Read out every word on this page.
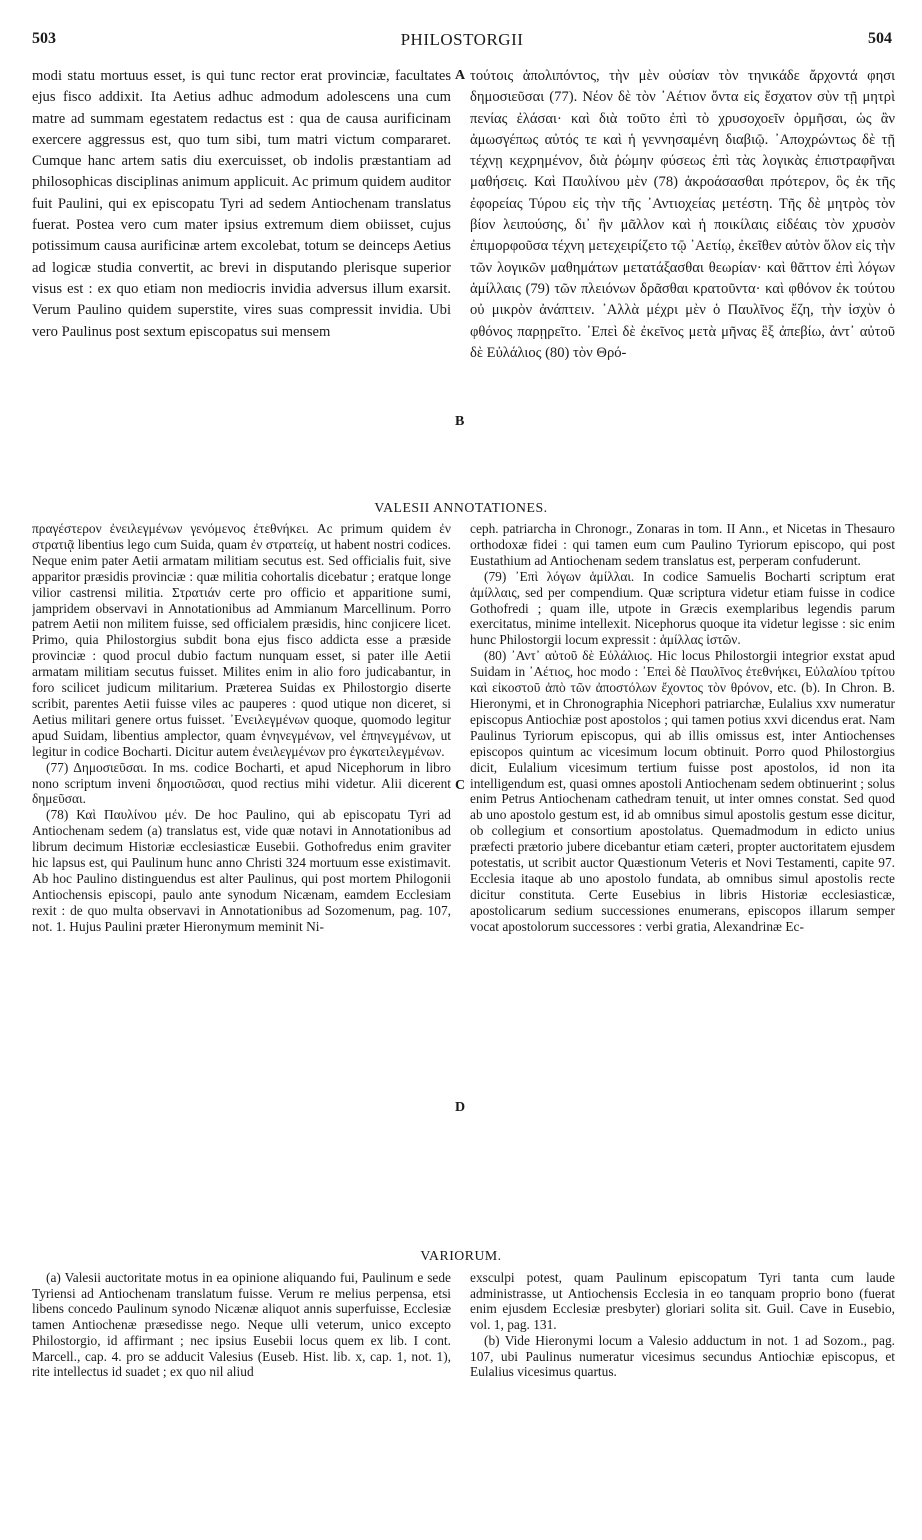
503	PHILOSTORGII	504

modi statu mortuus esset, is qui tunc rector erat provinciæ, facultates ejus fisco addixit. Ita Aetius adhuc admodum adolescens una cum matre ad summam egestatem redactus est : qua de causa aurificinam exercere aggressus est, quo tum sibi, tum matri victum compararet. Cumque hanc artem satis diu exercuisset, ob indolis præstantiam ad philosophicas disciplinas animum applicuit. Ac primum quidem auditor fuit Paulini, qui ex episcopatu Tyri ad sedem Antiochenam translatus fuerat. Postea vero cum mater ipsius extremum diem obiisset, cujus potissimum causa aurificinæ artem excolebat, totum se deinceps Aetius ad logicæ studia convertit, ac brevi in disputando plerisque superior visus est : ex quo etiam non mediocris invidia adversus illum exarsit. Verum Paulino quidem superstite, vires suas compressit invidia. Ubi vero Paulinus post sextum episcopatus sui mensem

A
B

τούτοις ἀπολιπόντος, τὴν μὲν οὐσίαν τὸν τηνικάδε ἄρχοντά φησι δημοσιεῦσαι (77). Νέον δὲ τὸν ᾿Αέτιον ὄντα εἰς ἔσχατον σὺν τῇ μητρὶ πενίας ἐλάσαι· καὶ διὰ τοῦτο ἐπὶ τὸ χρυσοχοεῖν ὁρμῆσαι, ὡς ἂν ἀμωσγέπως αὐτός τε καὶ ἡ γεννησαμένη διαβιῷ. ᾿Αποχρώντως δὲ τῇ τέχνῃ κεχρημένον, διὰ ῥώμην φύσεως ἐπὶ τὰς λογικὰς ἐπιστραφῆναι μαθήσεις. Καὶ Παυλίνου μὲν (78) ἀκροάσασθαι πρότερον, ὃς ἐκ τῆς ἐφορείας Τύρου εἰς τὴν τῆς ᾿Αντιοχείας μετέστη. Τῆς δὲ μητρὸς τὸν βίον λειπούσης, δι᾿ ἣν μᾶλλον καὶ ἡ ποικίλαις εἰδέαις τὸν χρυσὸν ἐπιμορφοῦσα τέχνη μετεχειρίζετο τῷ ᾿Αετίῳ, ἐκεῖθεν αὐτὸν ὅλον εἰς τὴν τῶν λογικῶν μαθημάτων μετατάξασθαι θεωρίαν· καὶ θᾶττον ἐπὶ λόγων ἁμίλλαις (79) τῶν πλειόνων δρᾶσθαι κρατοῦντα· καὶ φθόνον ἐκ τούτου οὐ μικρὸν ἀνάπτειν. ᾿Αλλὰ μέχρι μὲν ὁ Παυλῖνος ἔζη, τὴν ἰσχὺν ὁ φθόνος παρῃρεῖτο. ᾿Επεὶ δὲ ἐκεῖνος μετὰ μῆνας ἓξ ἀπεβίω, ἀντ᾿ αὐτοῦ δὲ Εὐλάλιος (80) τὸν Θρό-

VALESII ANNOTATIONES.

πραγέστερον ἐνειλεγμένων γενόμενος ἐτεθνήκει. Ac primum quidem ἐν στρατιᾷ libentius lego cum Suida, quam ἐν στρατείᾳ, ut habent nostri codices. Neque enim pater Aetii armatam militiam secutus est. Sed officialis fuit, sive apparitor præsidis provinciæ : quæ militia cohortalis dicebatur ; eratque longe vilior castrensi militia. Στρατιάν certe pro officio et apparitione sumi, jampridem observavi in Annotationibus ad Ammianum Marcellinum. Porro patrem Aetii non militem fuisse, sed officialem præsidis, hinc conjicere licet. Primo, quia Philostorgius subdit bona ejus fisco addicta esse a præside provinciæ : quod procul dubio factum nunquam esset, si pater ille Aetii armatam militiam secutus fuisset. Milites enim in alio foro judicabantur, in foro scilicet judicum militarium. Præterea Suidas ex Philostorgio diserte scribit, parentes Aetii fuisse viles ac pauperes : quod utique non diceret, si Aetius militari genere ortus fuisset. ᾿Ενειλεγμένων quoque, quomodo legitur apud Suidam, libentius amplector, quam ἐνηνεγμένων, vel ἐπηνεγμένων, ut legitur in codice Bocharti. Dicitur autem ἐνειλεγμένων pro ἐγκατειλεγμένων.

(77) Δημοσιεῦσαι. In ms. codice Bocharti, et apud Nicephorum in libro nono scriptum inveni δημοσιῶσαι, quod rectius mihi videtur. Alii dicerent δημεῦσαι.

(78) Καὶ Παυλίνου μέν. De hoc Paulino, qui ab episcopatu Tyri ad Antiochenam sedem (a) translatus est, vide quæ notavi in Annotationibus ad librum decimum Historiæ ecclesiasticæ Eusebii. Gothofredus enim graviter hic lapsus est, qui Paulinum hunc anno Christi 324 mortuum esse existimavit. Ab hoc Paulino distinguendus est alter Paulinus, qui post mortem Philogonii Antiochensis episcopi, paulo ante synodum Nicænam, eamdem Ecclesiam rexit : de quo multa observavi in Annotationibus ad Sozomenum, pag. 107, not. 1. Hujus Paulini præter Hieronymum meminit Ni-

C
D

ceph. patriarcha in Chronogr., Zonaras in tom. II Ann., et Nicetas in Thesauro orthodoxæ fidei : qui tamen eum cum Paulino Tyriorum episcopo, qui post Eustathium ad Antiochenam sedem translatus est, perperam confuderunt.

(79) ᾿Επὶ λόγων ἁμίλλαι. In codice Samuelis Bocharti scriptum erat ἁμίλλαις, sed per compendium. Quæ scriptura videtur etiam fuisse in codice Gothofredi ; quam ille, utpote in Græcis exemplaribus legendis parum exercitatus, minime intellexit. Nicephorus quoque ita videtur legisse : sic enim hunc Philostorgii locum expressit : ἁμίλλας ἰστῶν.

(80) ᾿Αντ᾿ αὐτοῦ δὲ Εὐλάλιος. Hic locus Philostorgii integrior exstat apud Suidam in ᾿Αέτιος, hoc modo : ᾿Επεὶ δὲ Παυλῖνος ἐτεθνήκει, Εὐλαλίου τρίτου καὶ εἰκοστοῦ ἀπὸ τῶν ἀποστόλων ἔχοντος τὸν θρόνον, etc. (b). In Chron. B. Hieronymi, et in Chronographia Nicephori patriarchæ, Eulalius xxv numeratur episcopus Antiochiæ post apostolos ; qui tamen potius xxvi dicendus erat. Nam Paulinus Tyriorum episcopus, qui ab illis omissus est, inter Antiochenses episcopos quintum ac vicesimum locum obtinuit. Porro quod Philostorgius dicit, Eulalium vicesimum tertium fuisse post apostolos, id non ita intelligendum est, quasi omnes apostoli Antiochenam sedem obtinuerint ; solus enim Petrus Antiochenam cathedram tenuit, ut inter omnes constat. Sed quod ab uno apostolo gestum est, id ab omnibus simul apostolis gestum esse dicitur, ob collegium et consortium apostolatus. Quemadmodum in edicto unius præfecti prætorio jubere dicebantur etiam cæteri, propter auctoritatem ejusdem potestatis, ut scribit auctor Quæstionum Veteris et Novi Testamenti, capite 97. Ecclesia itaque ab uno apostolo fundata, ab omnibus simul apostolis recte dicitur constituta. Certe Eusebius in libris Historiæ ecclesiasticæ, apostolicarum sedium successiones enumerans, episcopos illarum semper vocat apostolorum successores : verbi gratia, Alexandrinæ Ec-

VARIORUM.

(a) Valesii auctoritate motus in ea opinione aliquando fui, Paulinum e sede Tyriensi ad Antiochenam translatum fuisse. Verum re melius perpensa, etsi libens concedo Paulinum synodo Nicænæ aliquot annis superfuisse, Ecclesiæ tamen Antiochenæ præsedisse nego. Neque ulli veterum, unico excepto Philostorgio, id affirmant ; nec ipsius Eusebii locus quem ex lib. I cont. Marcell., cap. 4. pro se adducit Valesius (Euseb. Hist. lib. x, cap. 1, not. 1), rite intellectus id suadet ; ex quo nil aliud

exsculpi potest, quam Paulinum episcopatum Tyri tanta cum laude administrasse, ut Antiochensis Ecclesia in eo tanquam proprio bono (fuerat enim ejusdem Ecclesiæ presbyter) gloriari solita sit. Guil. Cave in Eusebio, vol. 1, pag. 131.

(b) Vide Hieronymi locum a Valesio adductum in not. 1 ad Sozom., pag. 107, ubi Paulinus numeratur vicesimus secundus Antiochiæ episcopus, et Eulalius vicesimus quartus.
